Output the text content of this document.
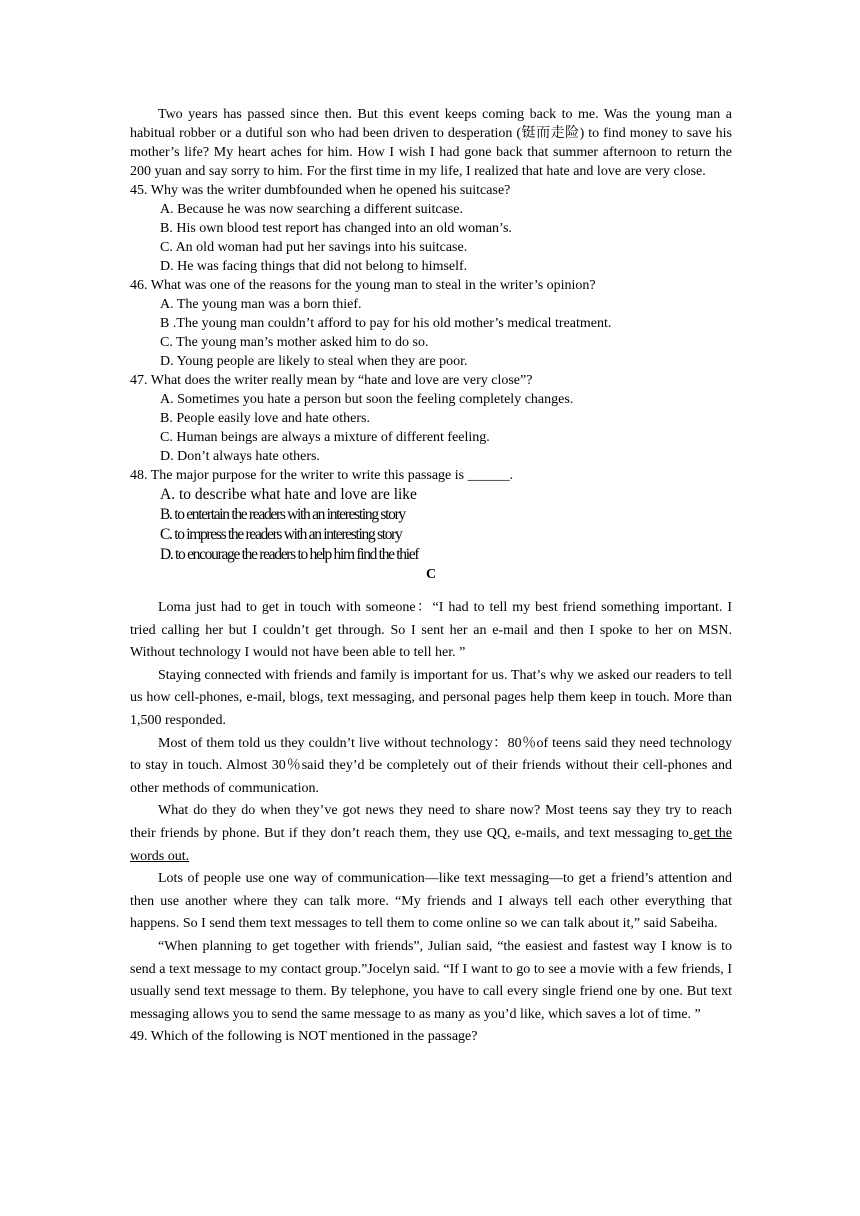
Two years has passed since then. But this event keeps coming back to me. Was the young man a habitual robber or a dutiful son who had been driven to desperation (铤而走险) to find money to save his mother’s life? My heart aches for him. How I wish I had gone back that summer afternoon to return the 200 yuan and say sorry to him. For the first time in my life, I realized that hate and love are very close.

45. Why was the writer dumbfounded when he opened his suitcase?

A. Because he was now searching a different suitcase.

B. His own blood test report has changed into an old woman’s.

C. An old woman had put her savings into his suitcase.

D. He was facing things that did not belong to himself.

46. What was one of the reasons for the young man to steal in the writer’s opinion?

A. The young man was a born thief.

B .The young man couldn’t afford to pay for his old mother’s medical treatment.

C. The young man’s mother asked him to do so.

D. Young people are likely to steal when they are poor.

47. What does the writer really mean by “hate and love are very close”?

A. Sometimes you hate a person but soon the feeling completely changes.

B. People easily love and hate others.

C. Human beings are always a mixture of different feeling.

D. Don’t always hate others.

48. The major purpose for the writer to write this passage is ______.

A. to describe what hate and love are like

B. to entertain the readers with an interesting story

C. to impress the readers with an interesting story

D. to encourage the readers to help him find the thief

C

Loma just had to get in touch with someone：“I had to tell my best friend something important. I tried calling her but I couldn’t get through. So I sent her an e-mail and then I spoke to her on MSN. Without technology I would not have been able to tell her. ”

Staying connected with friends and family is important for us. That’s why we asked our readers to tell us how cell-phones, e-mail, blogs, text messaging, and personal pages help them keep in touch. More than 1,500 responded.

Most of them told us they couldn’t live without technology：80％of teens said they need technology to stay in touch. Almost 30％said they’d be completely out of their friends without their cell-phones and other methods of communication.

What do they do when they’ve got news they need to share now? Most teens say they try to reach their friends by phone. But if they don’t reach them, they use QQ, e-mails, and text messaging to get the words out.

Lots of people use one way of communication—like text messaging—to get a friend’s attention and then use another where they can talk more. “My friends and I always tell each other everything that happens. So I send them text messages to tell them to come online so we can talk about it,” said Sabeiha.

“When planning to get together with friends”, Julian said, “the easiest and fastest way I know is to send a text message to my contact group.”Jocelyn said. “If I want to go to see a movie with a few friends, I usually send text message to them. By telephone, you have to call every single friend one by one. But text messaging allows you to send the same message to as many as you’d like, which saves a lot of time. ”

49. Which of the following is NOT mentioned in the passage?
